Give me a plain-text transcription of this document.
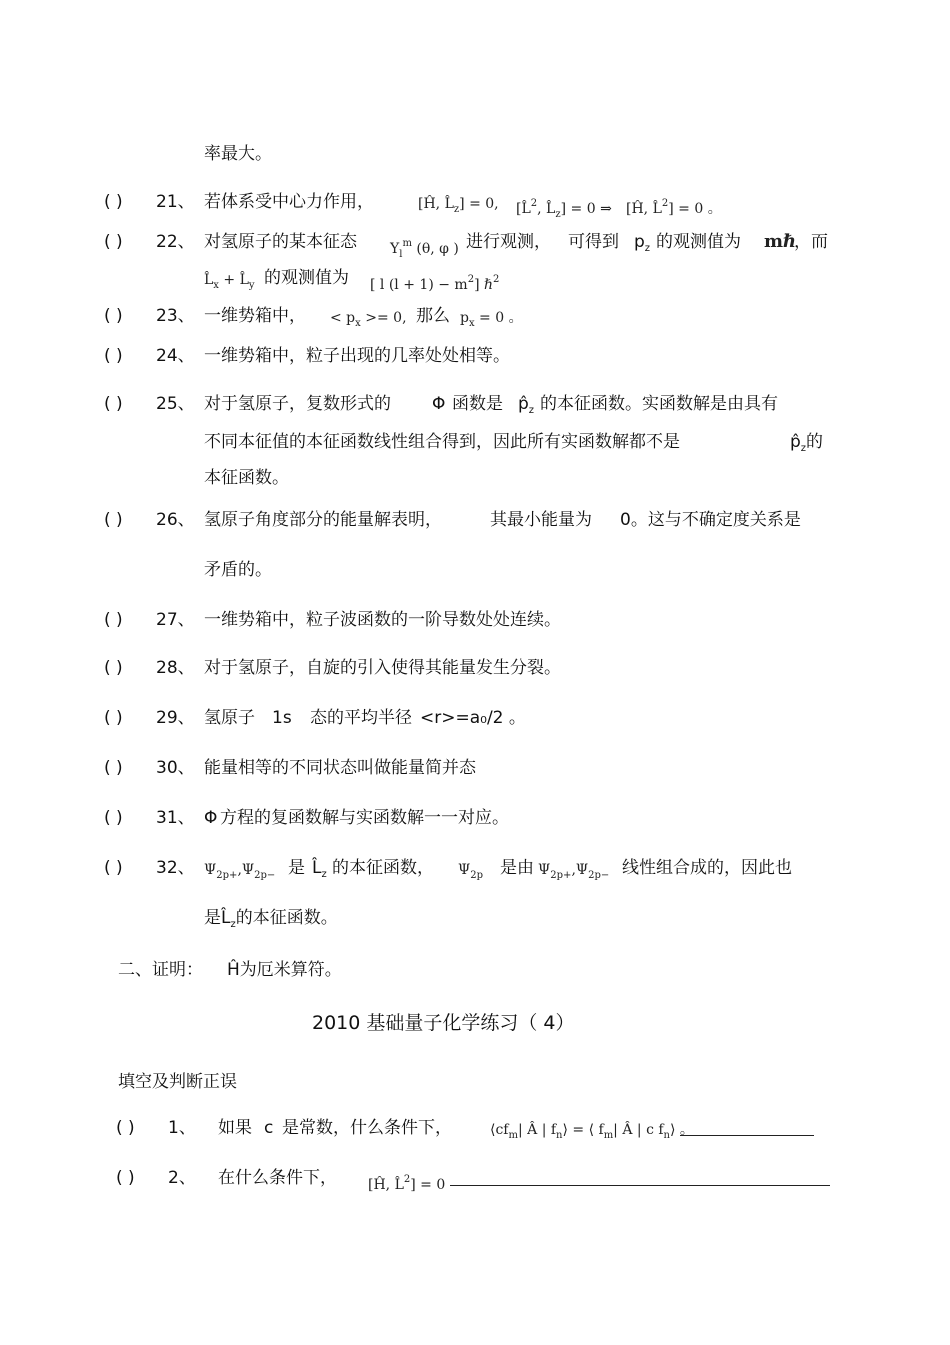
率最大。
( ) 21、 若体系受中心力作用，	[Ĥ, $L̂_z] = 0$, [L̂$^2$, $L̂_z] = 0$ ⇒ [Ĥ, L̂$^2$] = 0 。
( ) 22、 对氢原子的某本征态 $Y_l^m$ (θ, φ ) 进行观测， 可得到 $p_z$ 的观测值为 mℏ
，而
$L̂_x$ + $L̂_y$ 的观测值为 [ l $(l + 1) - m^2$] ℏ$^2$
( ) 23、 一维势箱中， < $p_x >= 0$, 那么 $p_x = 0$ 。
( ) 24、 一维势箱中，粒子出现的几率处处相等。
( ) 25、 对于氢原子，复数形式的 Φ 函数是 $p̂_z$ 的本征函数。实函数解是由具有
不同本征值的本征函数线性组合得到，因此所有实函数解都不是	$p̂_z$的
本征函数。
( ) 26、 氢原子角度部分的能量解表明，	其最小能量为 0。这与不确定度关系是
矛盾的。
( ) 27、 一维势箱中，粒子波函数的一阶导数处处连续。
( ) 28、 对于氢原子，自旋的引入使得其能量发生分裂。
( ) 29、 氢原子 1s 态的平均半径 <r>=a₀/2 。
( ) 30、 能量相等的不同状态叫做能量简并态
( ) 31、 Φ 方程的复函数解与实函数解一一对应。
( ) 32、 $\Psi_{2p+},\Psi_{2p-}$ 是 $L̂_z$ 的本征函数， $\Psi_{2p}$ 是由 $\Psi_{2p+},\Psi_{2p-}$ 线性组合成的，因此也
是$L̂_z$的本征函数。
二、证明： Ĥ为厄米算符。
2010 基础量子化学练习（ 4）
填空及判断正误
( ) 1、 如果 c 是常数，什么条件下，	$⟨cf_m|$ Â | $f_n⟩$ = ⟨ $f_m|$ Â | c $f_n⟩$ 。
( ) 2、 在什么条件下， [Ĥ, L̂$^2$] = 0
